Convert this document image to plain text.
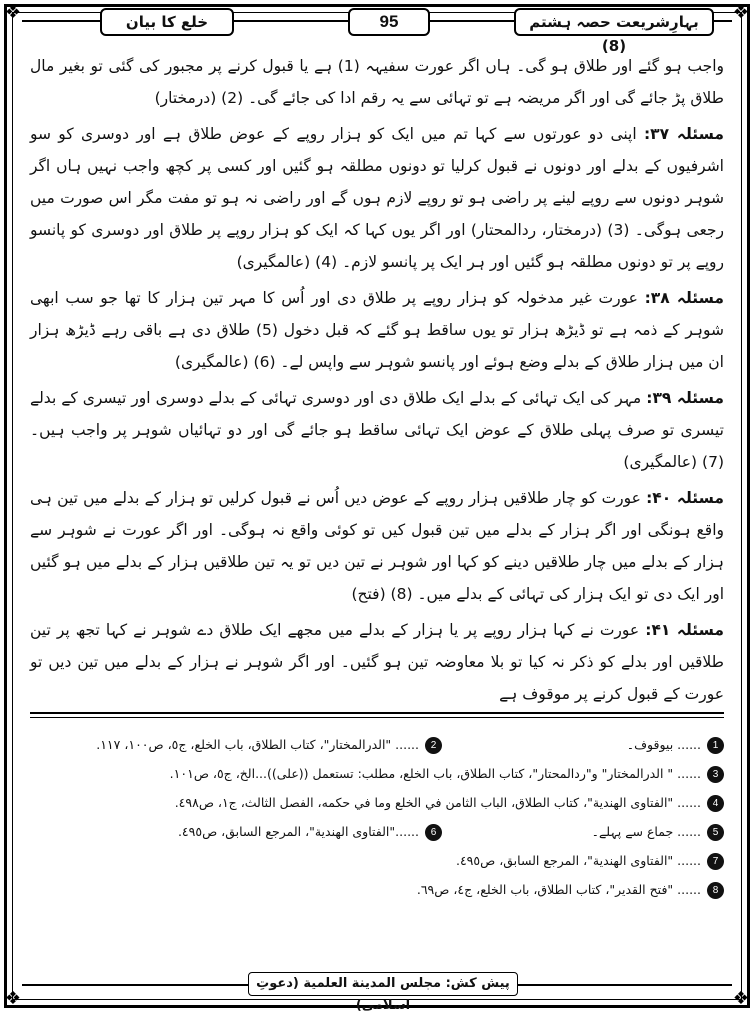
❖	❖
❖	❖
خلع کا بیان	95	بہارِشریعت حصہ ہشتم (8)

واجب ہو گئے اور طلاق ہو گی۔ ہاں اگر عورت سفیہہ (1) ہے یا قبول کرنے پر مجبور کی گئی تو بغیر مال طلاق پڑ جائے گی اور اگر مریضہ ہے تو تہائی سے یہ رقم ادا کی جائے گی۔ (2) (درمختار)

مسئلہ ۳۷: اپنی دو عورتوں سے کہا تم میں ایک کو ہزار روپے کے عوض طلاق ہے اور دوسری کو سو اشرفیوں کے بدلے اور دونوں نے قبول کرلیا تو دونوں مطلقہ ہو گئیں اور کسی پر کچھ واجب نہیں ہاں اگر شوہر دونوں سے روپے لینے پر راضی ہو تو روپے لازم ہوں گے اور راضی نہ ہو تو مفت مگر اس صورت میں رجعی ہوگی۔ (3) (درمختار، ردالمحتار) اور اگر یوں کہا کہ ایک کو ہزار روپے پر طلاق اور دوسری کو پانسو روپے پر تو دونوں مطلقہ ہو گئیں اور ہر ایک پر پانسو لازم۔ (4) (عالمگیری)

مسئلہ ۳۸: عورت غیر مدخولہ کو ہزار روپے پر طلاق دی اور اُس کا مہر تین ہزار کا تھا جو سب ابھی شوہر کے ذمہ ہے تو ڈیڑھ ہزار تو یوں ساقط ہو گئے کہ قبل دخول (5) طلاق دی ہے باقی رہے ڈیڑھ ہزار ان میں ہزار طلاق کے بدلے وضع ہوئے اور پانسو شوہر سے واپس لے۔ (6) (عالمگیری)

مسئلہ ۳۹: مہر کی ایک تہائی کے بدلے ایک طلاق دی اور دوسری تہائی کے بدلے دوسری اور تیسری کے بدلے تیسری تو صرف پہلی طلاق کے عوض ایک تہائی ساقط ہو جائے گی اور دو تہائیاں شوہر پر واجب ہیں۔ (7) (عالمگیری)

مسئلہ ۴۰: عورت کو چار طلاقیں ہزار روپے کے عوض دیں اُس نے قبول کرلیں تو ہزار کے بدلے میں تین ہی واقع ہونگی اور اگر ہزار کے بدلے میں تین قبول کیں تو کوئی واقع نہ ہوگی۔ اور اگر عورت نے شوہر سے ہزار کے بدلے میں چار طلاقیں دینے کو کہا اور شوہر نے تین دیں تو یہ تین طلاقیں ہزار کے بدلے میں ہو گئیں اور ایک دی تو ایک ہزار کی تہائی کے بدلے میں۔ (8) (فتح)

مسئلہ ۴۱: عورت نے کہا ہزار روپے پر یا ہزار کے بدلے میں مجھے ایک طلاق دے شوہر نے کہا تجھ پر تین طلاقیں اور بدلے کو ذکر نہ کیا تو بلا معاوضہ تین ہو گئیں۔ اور اگر شوہر نے ہزار کے بدلے میں تین دیں تو عورت کے قبول کرنے پر موقوف ہے

1...... بیوقوف۔
2...... "الدرالمختار"، کتاب الطلاق، باب الخلع، ج٥، ص١٠٠، ١١٧.
3...... " الدرالمختار" و"ردالمحتار"، کتاب الطلاق، باب الخلع، مطلب: تستعمل ((علی))...الخ، ج٥، ص١٠١.
4...... "الفتاوی الهندية"، کتاب الطلاق، الباب الثامن في الخلع وما في حكمه، الفصل الثالث، ج١، ص٤٩٨.
5...... جماع سے پہلے۔
6......"الفتاوى الهندية"، المرجع السابق، ص٤٩٥.
7...... "الفتاوى الهندية"، المرجع السابق، ص٤٩٥.
8...... "فتح القدير"، کتاب الطلاق، باب الخلع، ج٤، ص٦٩.
پیش کش: مجلس المدينة العلمية (دعوتِ اسلامی)
